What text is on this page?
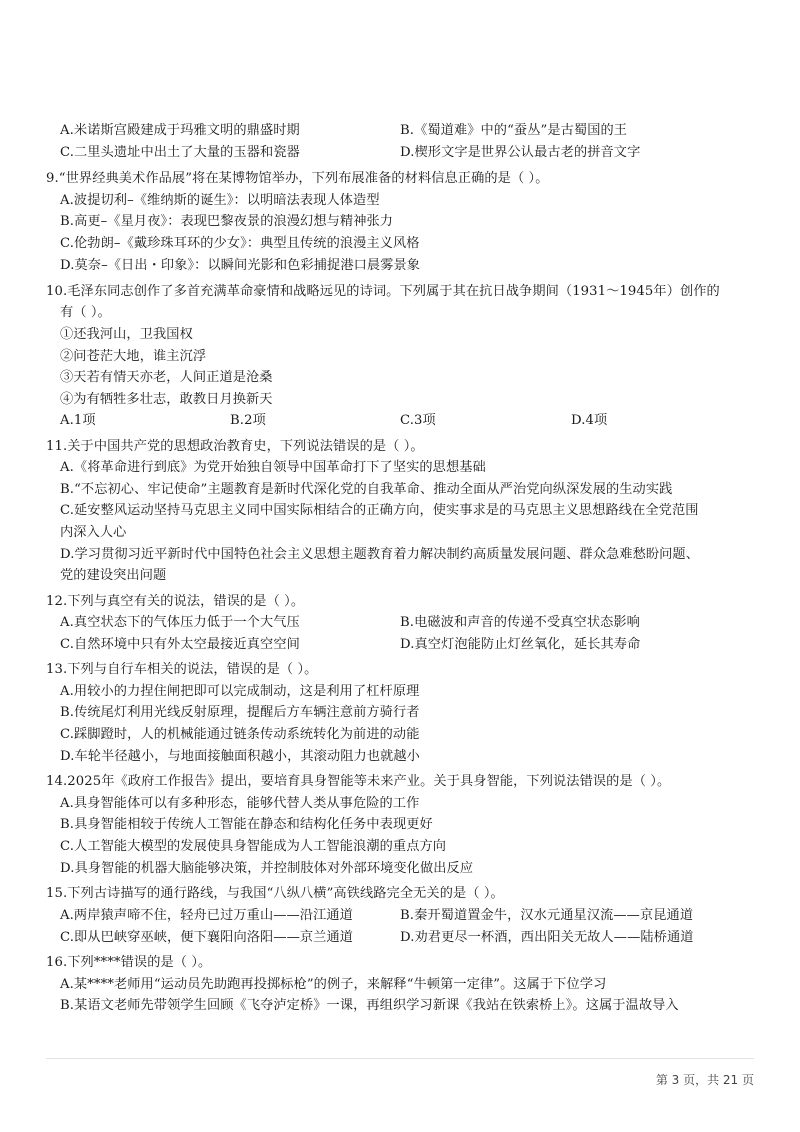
A.米诺斯宫殿建成于玛雅文明的鼎盛时期	B.《蜀道难》中的“蚕丛”是古蜀国的王
C.二里头遗址中出土了大量的玉器和瓷器	D.楔形文字是世界公认最古老的拼音文字
9.“世界经典美术作品展”将在某博物馆举办，下列布展准备的材料信息正确的是（ ）。
A.波提切利–《维纳斯的诞生》：以明暗法表现人体造型
B.高更–《星月夜》：表现巴黎夜景的浪漫幻想与精神张力
C.伦勃朗–《戴珍珠耳环的少女》：典型且传统的浪漫主义风格
D.莫奈–《日出・印象》：以瞬间光影和色彩捕捉港口晨雾景象
10.毛泽东同志创作了多首充满革命豪情和战略远见的诗词。下列属于其在抗日战争期间（1931～1945年）创作的
有（ ）。
①还我河山，卫我国权
②问苍茫大地，谁主沉浮
③天若有情天亦老，人间正道是沧桑
④为有牺牲多壮志，敢教日月换新天
A.1项	B.2项	C.3项	D.4项
11.关于中国共产党的思想政治教育史，下列说法错误的是（ ）。
A.《将革命进行到底》为党开始独自领导中国革命打下了坚实的思想基础
B.“不忘初心、牢记使命”主题教育是新时代深化党的自我革命、推动全面从严治党向纵深发展的生动实践
C.延安整风运动坚持马克思主义同中国实际相结合的正确方向，使实事求是的马克思主义思想路线在全党范围
内深入人心
D.学习贯彻习近平新时代中国特色社会主义思想主题教育着力解决制约高质量发展问题、群众急难愁盼问题、
党的建设突出问题
12.下列与真空有关的说法，错误的是（ ）。
A.真空状态下的气体压力低于一个大气压	B.电磁波和声音的传递不受真空状态影响
C.自然环境中只有外太空最接近真空空间	D.真空灯泡能防止灯丝氧化，延长其寿命
13.下列与自行车相关的说法，错误的是（ ）。
A.用较小的力捏住闸把即可以完成制动，这是利用了杠杆原理
B.传统尾灯利用光线反射原理，提醒后方车辆注意前方骑行者
C.踩脚蹬时，人的机械能通过链条传动系统转化为前进的动能
D.车轮半径越小，与地面接触面积越小，其滚动阻力也就越小
14.2025年《政府工作报告》提出，要培育具身智能等未来产业。关于具身智能，下列说法错误的是（ ）。
A.具身智能体可以有多种形态，能够代替人类从事危险的工作
B.具身智能相较于传统人工智能在静态和结构化任务中表现更好
C.人工智能大模型的发展使具身智能成为人工智能浪潮的重点方向
D.具身智能的机器大脑能够决策，并控制肢体对外部环境变化做出反应
15.下列古诗描写的通行路线，与我国“八纵八横”高铁线路完全无关的是（ ）。
A.两岸猿声啼不住，轻舟已过万重山——沿江通道	B.秦开蜀道置金牛，汉水元通星汉流——京昆通道
C.即从巴峡穿巫峡，便下襄阳向洛阳——京兰通道	D.劝君更尽一杯酒，西出阳关无故人——陆桥通道
16.下列****错误的是（ ）。
A.某****老师用“运动员先助跑再投掷标枪”的例子，来解释“牛顿第一定律”。这属于下位学习
B.某语文老师先带领学生回顾《飞夺泸定桥》一课，再组织学习新课《我站在铁索桥上》。这属于温故导入
第 3 页，共 21 页
